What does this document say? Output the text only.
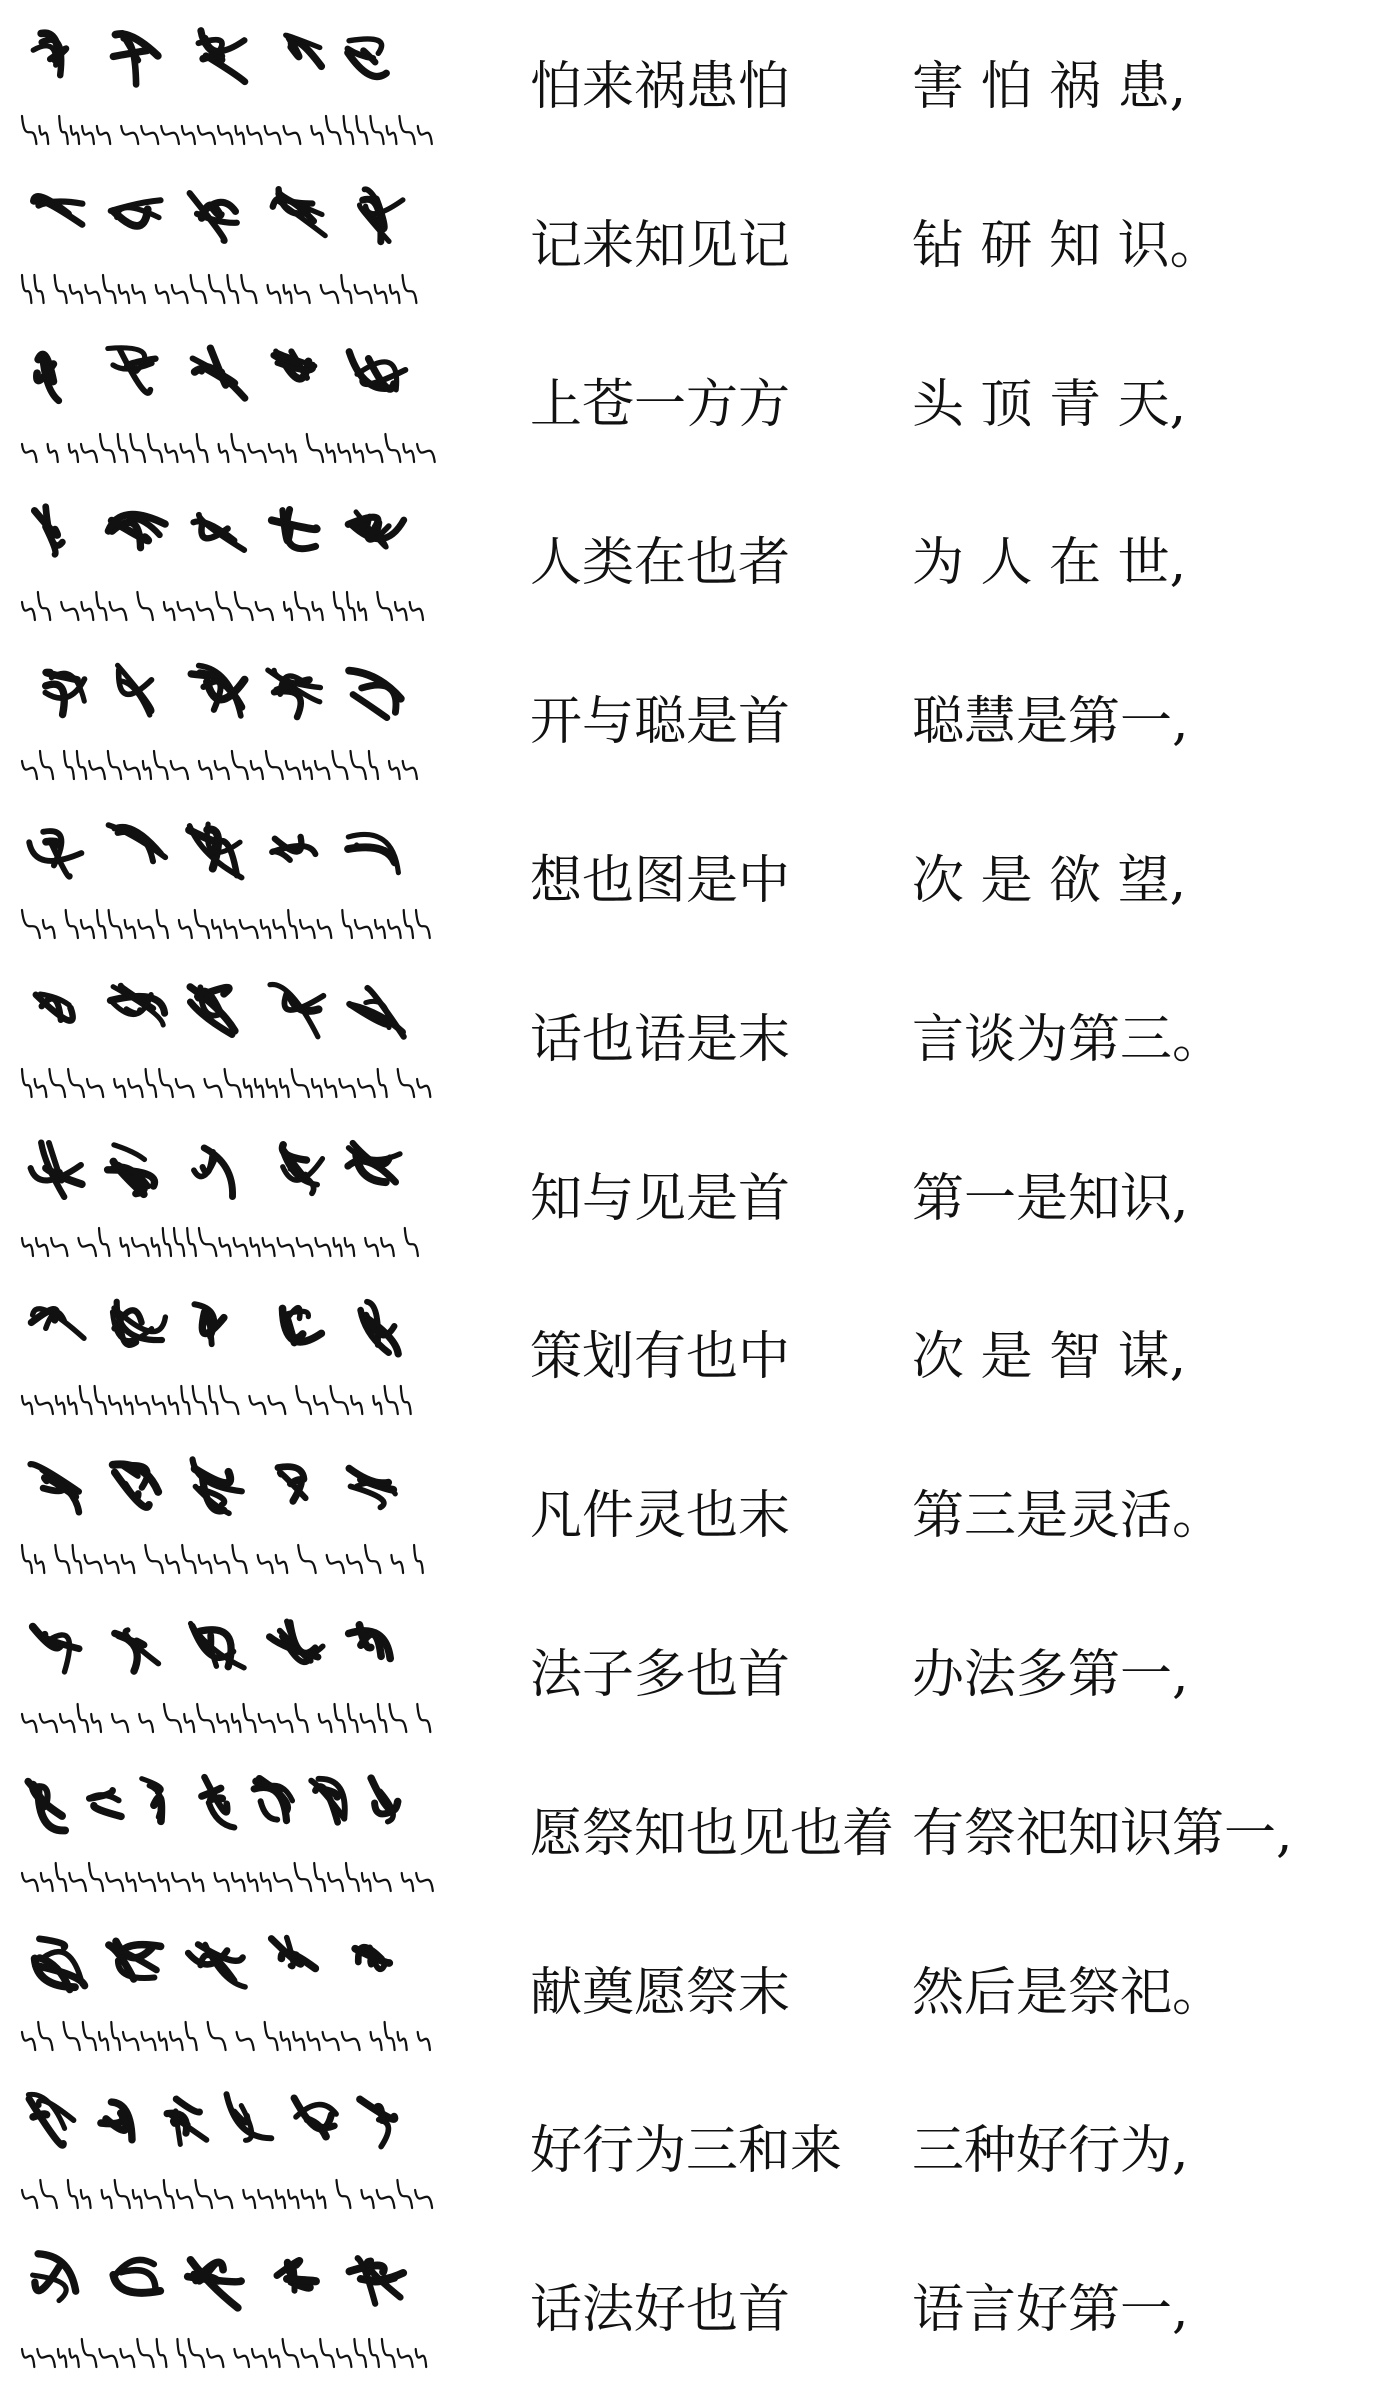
怕来祸患怕 害 怕 祸 患,
记来知见记 钻 研 知 识。
上苍一方方 头 顶 青 天,
人类在也者 为 人 在 世,
开与聪是首 聪慧是第一,
想也图是中 次 是 欲 望,
话也语是末 言谈为第三。
知与见是首 第一是知识,
策划有也中 次 是 智 谋,
凡件灵也末 第三是灵活。
法子多也首 办法多第一,
愿祭知也见也着 有祭祀知识第一,
献奠愿祭末 然后是祭祀。
好行为三和来 三种好行为,
话法好也首 语言好第一,
